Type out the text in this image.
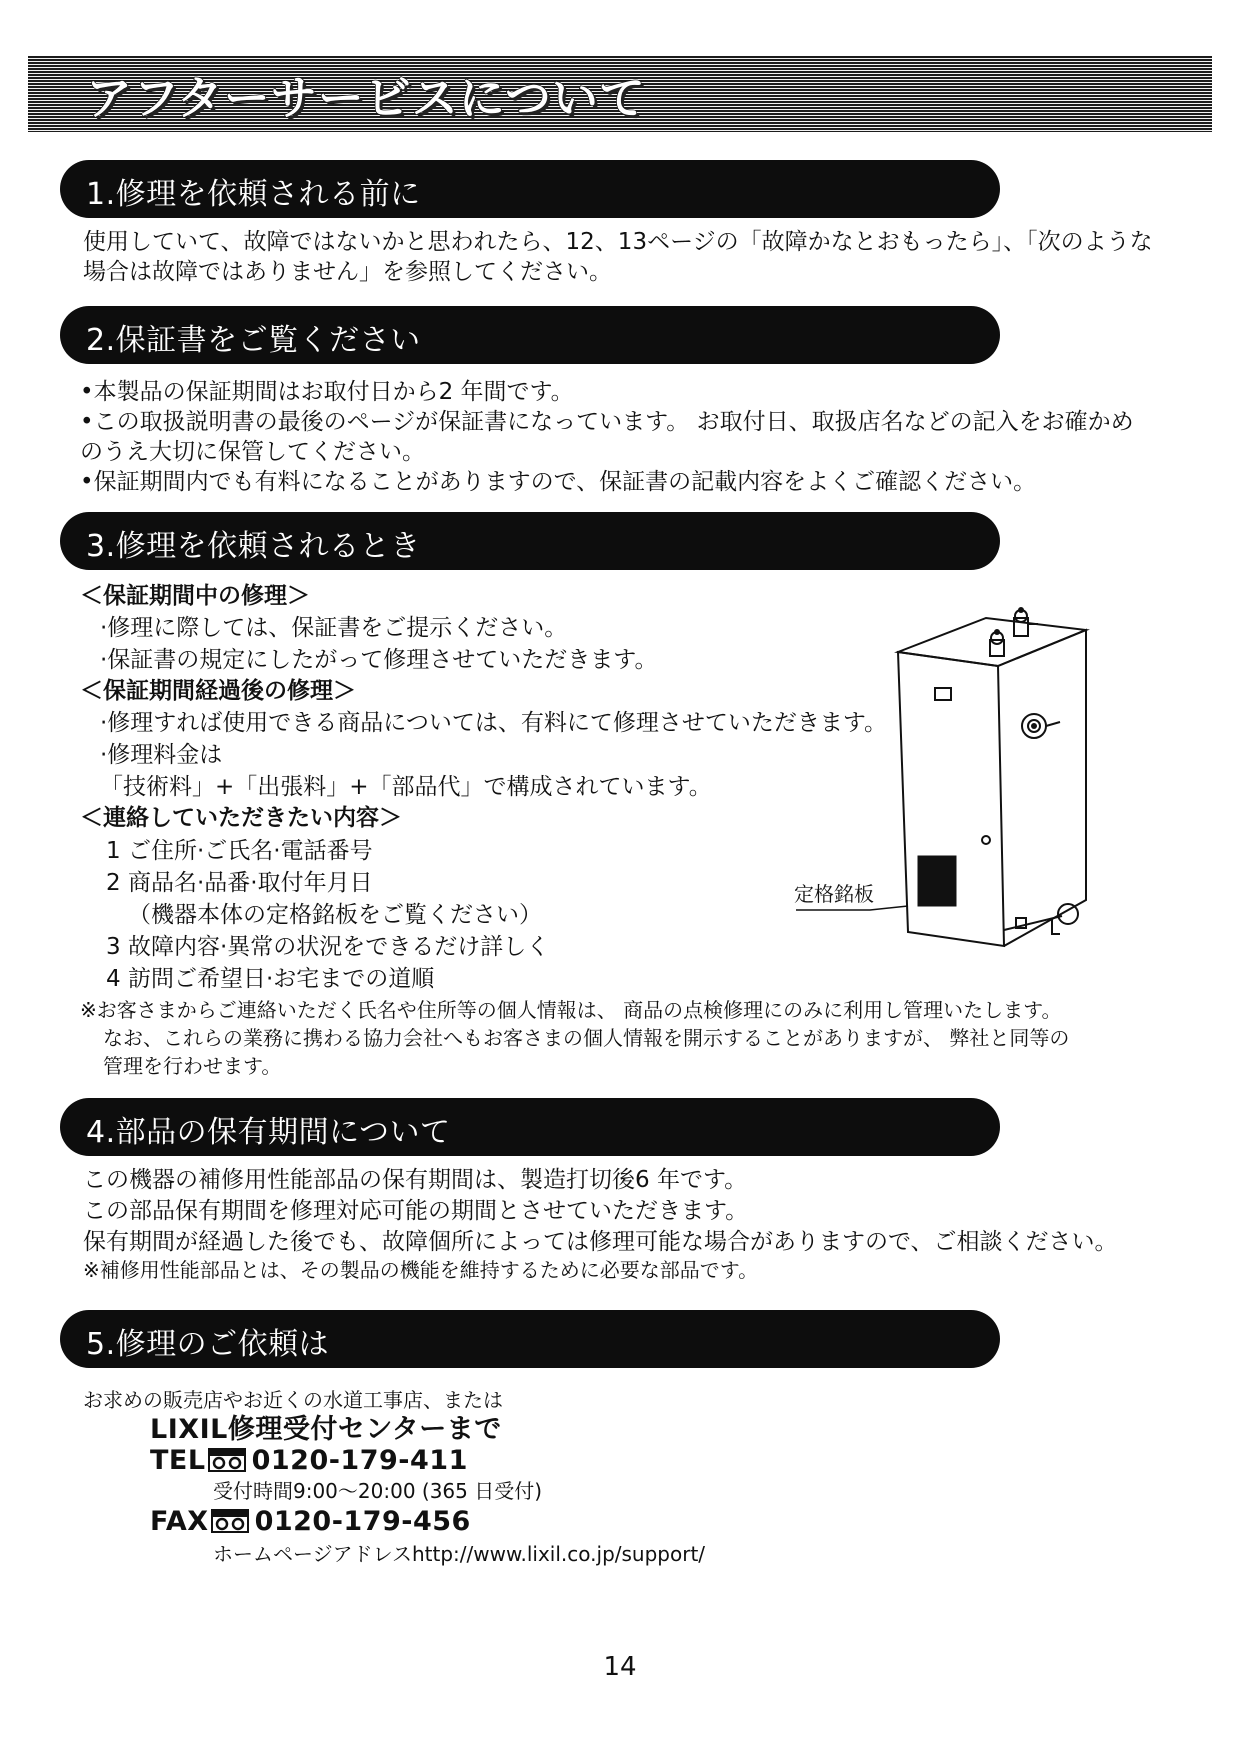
アフターサービスについて
1.修理を依頼される前に
使用していて、故障ではないかと思われたら、12、13ページの「故障かなとおもったら」、「次のような
場合は故障ではありません」を参照してください。
2.保証書をご覧ください
•本製品の保証期間はお取付日から2 年間です。
•この取扱説明書の最後のページが保証書になっています。 お取付日、取扱店名などの記入をお確かめ
のうえ大切に保管してください。
•保証期間内でも有料になることがありますので、保証書の記載内容をよくご確認ください。
3.修理を依頼されるとき
＜保証期間中の修理＞
·修理に際しては、保証書をご提示ください。
·保証書の規定にしたがって修理させていただきます。
＜保証期間経過後の修理＞
·修理すれば使用できる商品については、有料にて修理させていただきます。
·修理料金は
「技術料」+「出張料」+「部品代」で構成されています。
＜連絡していただきたい内容＞
1 ご住所·ご氏名·電話番号
2 商品名·品番·取付年月日
（機器本体の定格銘板をご覧ください）
3 故障内容·異常の状況をできるだけ詳しく
4 訪問ご希望日·お宅までの道順
定格銘板
※お客さまからご連絡いただく氏名や住所等の個人情報は、 商品の点検修理にのみに利用し管理いたします。
なお、これらの業務に携わる協力会社へもお客さまの個人情報を開示することがありますが、 弊社と同等の
管理を行わせます。
4.部品の保有期間について
この機器の補修用性能部品の保有期間は、製造打切後6 年です。
この部品保有期間を修理対応可能の期間とさせていただきます。
保有期間が経過した後でも、故障個所によっては修理可能な場合がありますので、ご相談ください。
※補修用性能部品とは、その製品の機能を維持するために必要な部品です。
5.修理のご依頼は
お求めの販売店やお近くの水道工事店、または
LIXIL修理受付センターまで
TEL 0120-179-411
受付時間9:00～20:00 (365 日受付)
FAX 0120-179-456
ホームページアドレスhttp://www.lixil.co.jp/support/
14
